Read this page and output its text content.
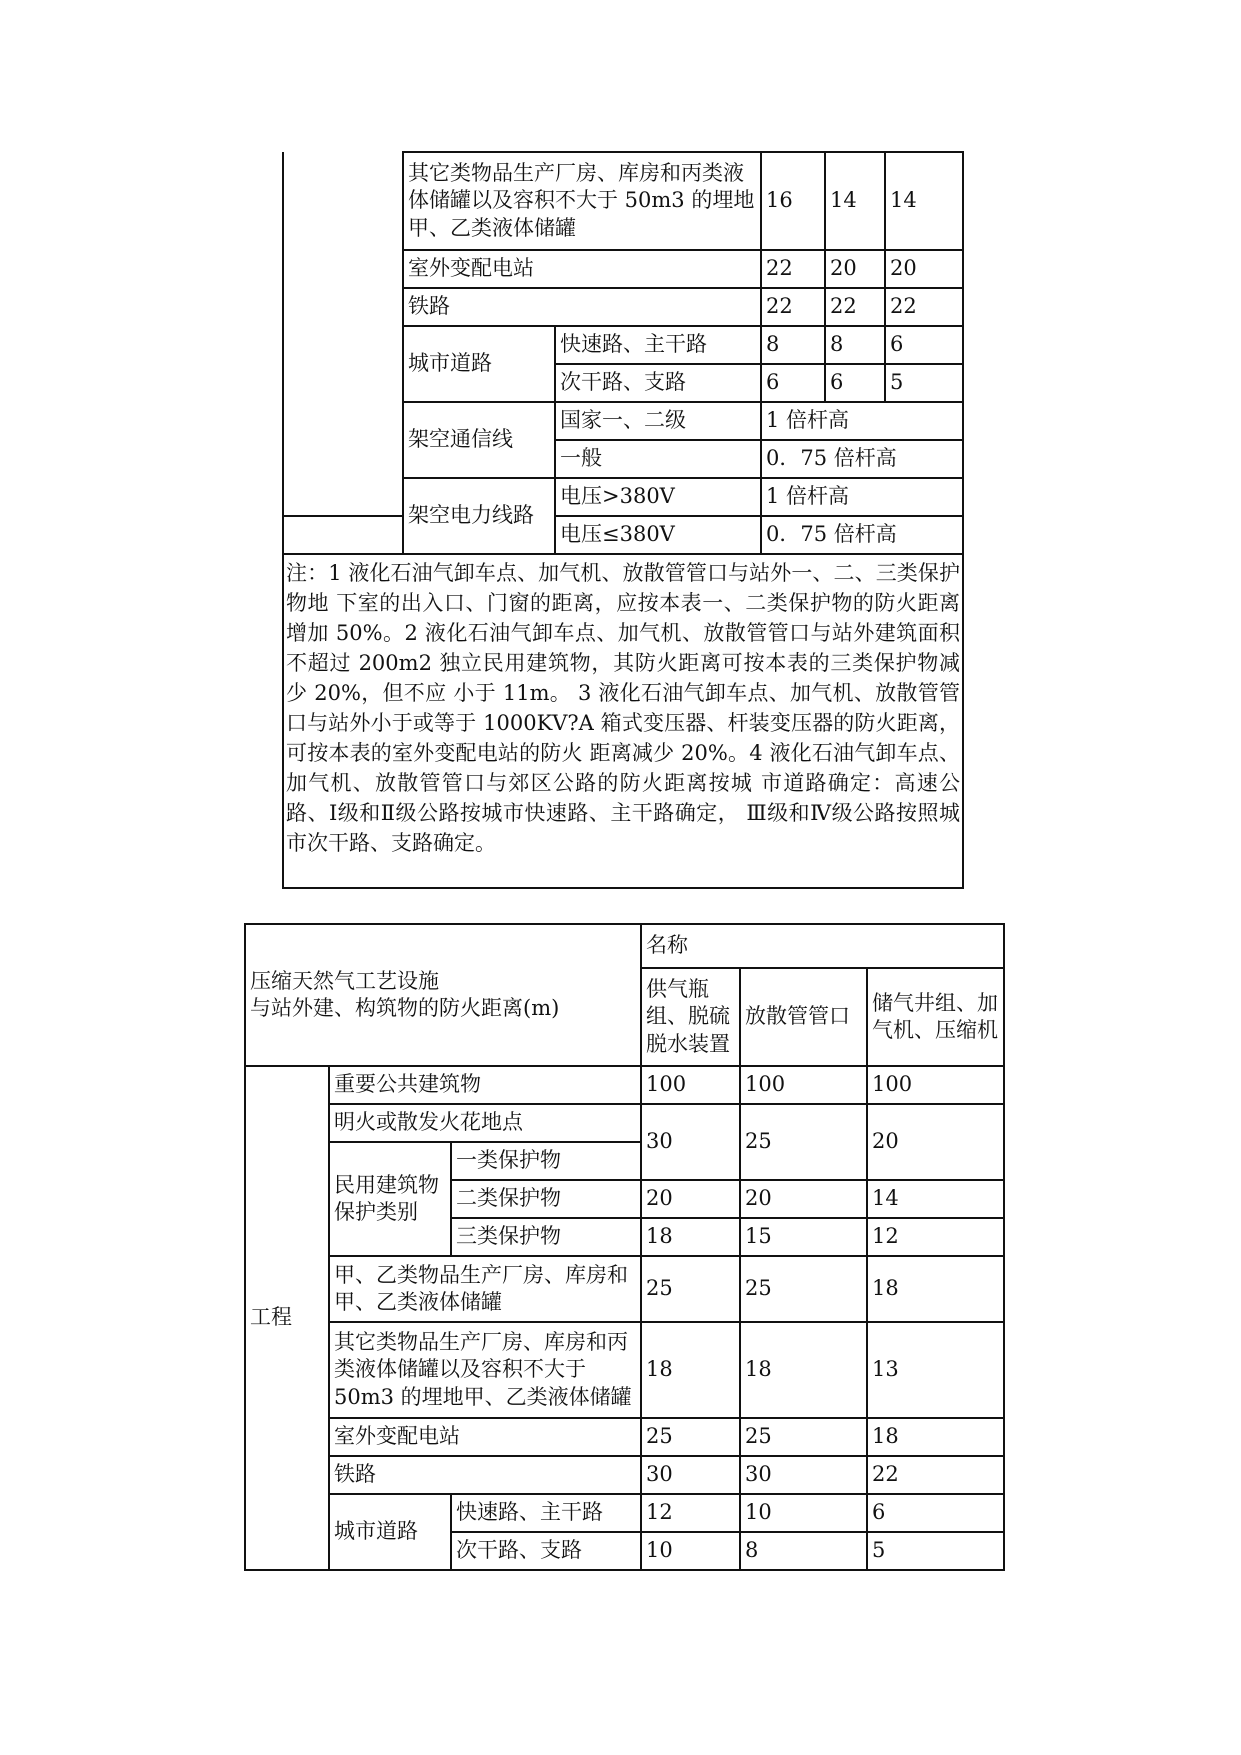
	其它类物品生产厂房、库房和丙类液体储罐以及容积不大于 50m3 的埋地甲、乙类液体储罐		16	14	14
	室外变配电站		22	20	20
	铁路		22	22	22
	城市道路	快速路、主干路	8	8	6
		次干路、支路	6	6	5
	架空通信线	国家一、二级	1 倍杆高		
		一般	0．75 倍杆高		
	架空电力线路	电压>380V	1 倍杆高		
		电压≤380V	0．75 倍杆高		
注：1 液化石油气卸车点、加气机、放散管管口与站外一、二、三类保护物地 下室的出入口、门窗的距离，应按本表一、二类保护物的防火距离增加 50%。2 液化石油气卸车点、加气机、放散管管口与站外建筑面积不超过 200m2 独立民用建筑物，其防火距离可按本表的三类保护物减少 20%，但不应 小于 11m。 3 液化石油气卸车点、加气机、放散管管口与站外小于或等于 1000KV?A 箱式变压器、杆装变压器的防火距离，可按本表的室外变配电站的防火 距离减少 20%。4 液化石油气卸车点、加气机、放散管管口与郊区公路的防火距离按城 市道路确定：高速公路、Ⅰ级和Ⅱ级公路按城市快速路、主干路确定， Ⅲ级和Ⅳ级公路按照城市次干路、支路确定。					
压缩天然气工艺设施
与站外建、构筑物的防火距离(m)			名称		
			供气瓶组、脱硫脱水装置	放散管管口	储气井组、加气机、压缩机
工程	重要公共建筑物		100	100	100
	明火或散发火花地点		30	25	20
	民用建筑物保护类别	一类保护物			
		二类保护物	20	20	14
		三类保护物	18	15	12
	甲、乙类物品生产厂房、库房和甲、乙类液体储罐		25	25	18
	其它类物品生产厂房、库房和丙类液体储罐以及容积不大于 50m3 的埋地甲、乙类液体储罐		18	18	13
	室外变配电站		25	25	18
	铁路		30	30	22
	城市道路	快速路、主干路	12	10	6
		次干路、支路	10	8	5
